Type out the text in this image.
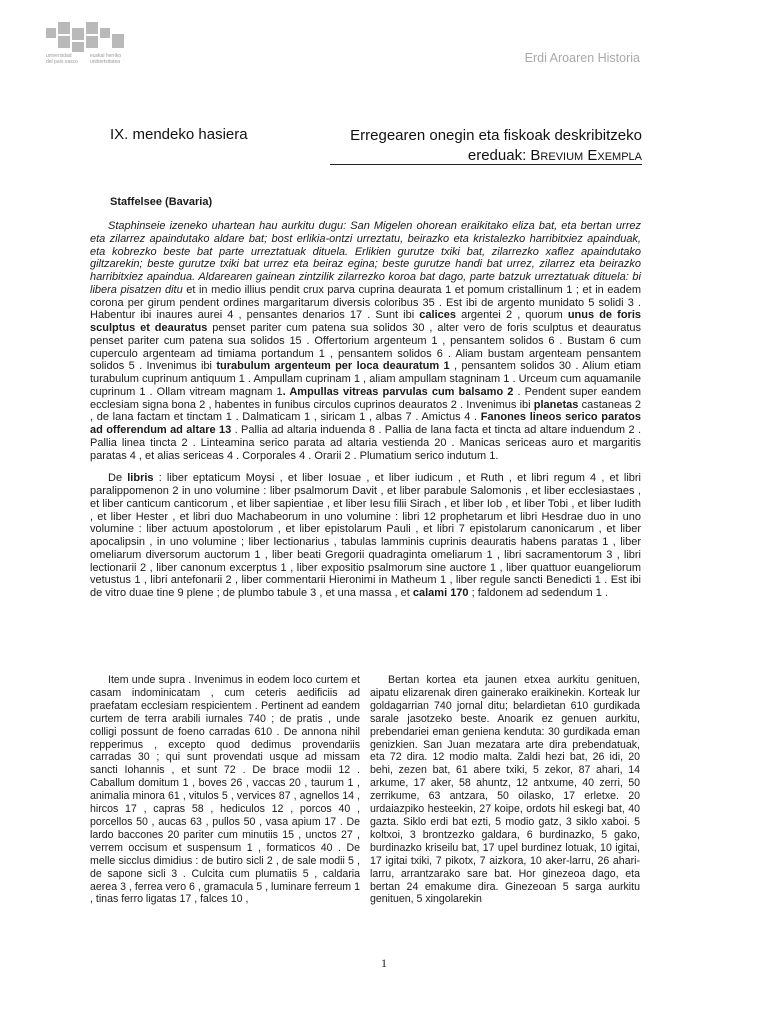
universidad
del país vasco
euskal herriko
unibertsitatea	Erdi Aroaren Historia
IX. mendeko hasiera	Erregearen onegin eta fiskoak deskribitzeko
ereduak: Brevium Exempla
Staffelsee (Bavaria)

Staphinseie izeneko uhartean hau aurkitu dugu: San Migelen ohorean eraikitako eliza bat, eta bertan urrez eta zilarrez apaindutako aldare bat; bost erlikia-ontzi urreztatu, beirazko eta kristalezko harribitxiez apainduak, eta kobrezko beste bat parte urreztatuak dituela. Erlikien gurutze txiki bat, zilarrezko xaflez apaindutako giltzarekin; beste gurutze txiki bat urrez eta beiraz egina; beste gurutze handi bat urrez, zilarrez eta beirazko harribitxiez apaindua. Aldarearen gainean zintzilik zilarrezko koroa bat dago, parte batzuk urreztatuak dituela: bi libera pisatzen ditu et in medio illius pendit crux parva cuprina deaurata 1 et pomum cristallinum 1 ; et in eadem corona per girum pendent ordines margaritarum diversis coloribus 35 . Est ibi de argento munidato 5 solidi 3 . Habentur ibi inaures aurei 4 , pensantes denarios 17 . Sunt ibi calices argentei 2 , quorum unus de foris sculptus et deauratus penset pariter cum patena sua solidos 30 , alter vero de foris sculptus et deauratus penset pariter cum patena sua solidos 15 . Offertorium argenteum 1 , pensantem solidos 6 . Bustam 6 cum cuperculo argenteam ad timiama portandum 1 , pensantem solidos 6 . Aliam bustam argenteam pensantem solidos 5 . Invenimus ibi turabulum argenteum per loca deauratum 1 , pensantem solidos 30 . Alium etiam turabulum cuprinum antiquum 1 . Ampullam cuprinam 1 , aliam ampullam stagninam 1 . Urceum cum aquamanile cuprinum 1 . Ollam vitream magnam 1. Ampullas vitreas parvulas cum balsamo 2 . Pendent super eandem ecclesiam signa bona 2 , habentes in funibus circulos cuprinos deauratos 2 . Invenimus ibi planetas castaneas 2 , de lana factam et tinctam 1 . Dalmaticam 1 , siricam 1 , albas 7 . Amictus 4 . Fanones lineos serico paratos ad offerendum ad altare 13 . Pallia ad altaria induenda 8 . Pallia de lana facta et tincta ad altare induendum 2 . Pallia linea tincta 2 . Linteamina serico parata ad altaria vestienda 20 . Manicas sericeas auro et margaritis paratas 4 , et alias sericeas 4 . Corporales 4 . Orarii 2 . Plumatium serico indutum 1.

De libris : liber eptaticum Moysi , et liber Iosuae , et liber iudicum , et Ruth , et libri regum 4 , et libri paralippomenon 2 in uno volumine : liber psalmorum Davit , et liber parabule Salomonis , et liber ecclesiastaes , et liber canticum canticorum , et liber sapientiae , et liber Iesu filii Sirach , et liber Iob , et liber Tobi , et liber Iudith , et liber Hester , et libri duo Machabeorum in uno volumine : libri 12 prophetarum et libri Hesdrae duo in uno volumine : liber actuum apostolorum , et liber epistolarum Pauli , et libri 7 epistolarum canonicarum , et liber apocalipsin , in uno volumine ; liber lectionarius , tabulas lamminis cuprinis deauratis habens paratas 1 , liber omeliarum diversorum auctorum 1 , liber beati Gregorii quadraginta omeliarum 1 , libri sacramentorum 3 , libri lectionarii 2 , liber canonum excerptus 1 , liber expositio psalmorum sine auctore 1 , liber quattuor euangeliorum vetustus 1 , libri antefonarii 2 , liber commentarii Hieronimi in Matheum 1 , liber regule sancti Benedicti 1 . Est ibi de vitro duae tine 9 plene ; de plumbo tabule 3 , et una massa , et calami 170 ; faldonem ad sedendum 1 .

Item unde supra . Invenimus in eodem loco curtem et casam indominicatam , cum ceteris aedificiis ad praefatam ecclesiam respicientem . Pertinent ad eandem curtem de terra arabili iurnales 740 ; de pratis , unde colligi possunt de foeno carradas 610 . De annona nihil repperimus , excepto quod dedimus provendariis carradas 30 ; qui sunt provendati usque ad missam sancti Iohannis , et sunt 72 . De brace modii 12 . Caballum domitum 1 , boves 26 , vaccas 20 , taurum 1 , animalia minora 61 , vitulos 5 , vervices 87 , agnellos 14 , hircos 17 , capras 58 , hediculos 12 , porcos 40 , porcellos 50 , aucas 63 , pullos 50 , vasa apium 17 . De lardo baccones 20 pariter cum minutiis 15 , unctos 27 , verrem occisum et suspensum 1 , formaticos 40 . De melle sicclus dimidius : de butiro sicli 2 , de sale modii 5 , de sapone sicli 3 . Culcita cum plumatiis 5 , caldaria aerea 3 , ferrea vero 6 , gramacula 5 , luminare ferreum 1 , tinas ferro ligatas 17 , falces 10 ,

Bertan kortea eta jaunen etxea aurkitu genituen, aipatu elizarenak diren gainerako eraikinekin. Korteak lur goldagarrian 740 jornal ditu; belardietan 610 gurdikada sarale jasotzeko beste. Anoarik ez genuen aurkitu, prebendariei eman geniena kenduta: 30 gurdikada eman genizkien. San Juan mezatara arte dira prebendatuak, eta 72 dira. 12 modio malta. Zaldi hezi bat, 26 idi, 20 behi, zezen bat, 61 abere txiki, 5 zekor, 87 ahari, 14 arkume, 17 aker, 58 ahuntz, 12 antxume, 40 zerri, 50 zerrikume, 63 antzara, 50 oilasko, 17 erletxe. 20 urdaiazpiko hesteekin, 27 koipe, ordots hil eskegi bat, 40 gazta. Siklo erdi bat ezti, 5 modio gatz, 3 siklo xaboi. 5 koltxoi, 3 brontzezko galdara, 6 burdinazko, 5 gako, burdinazko kriseilu bat, 17 upel burdinez lotuak, 10 igitai, 17 igitai txiki, 7 pikotx, 7 aizkora, 10 aker-larru, 26 ahari-larru, arrantzarako sare bat. Hor ginezeoa dago, eta bertan 24 emakume dira. Ginezeoan 5 sarga aurkitu genituen, 5 xingolarekin

1
